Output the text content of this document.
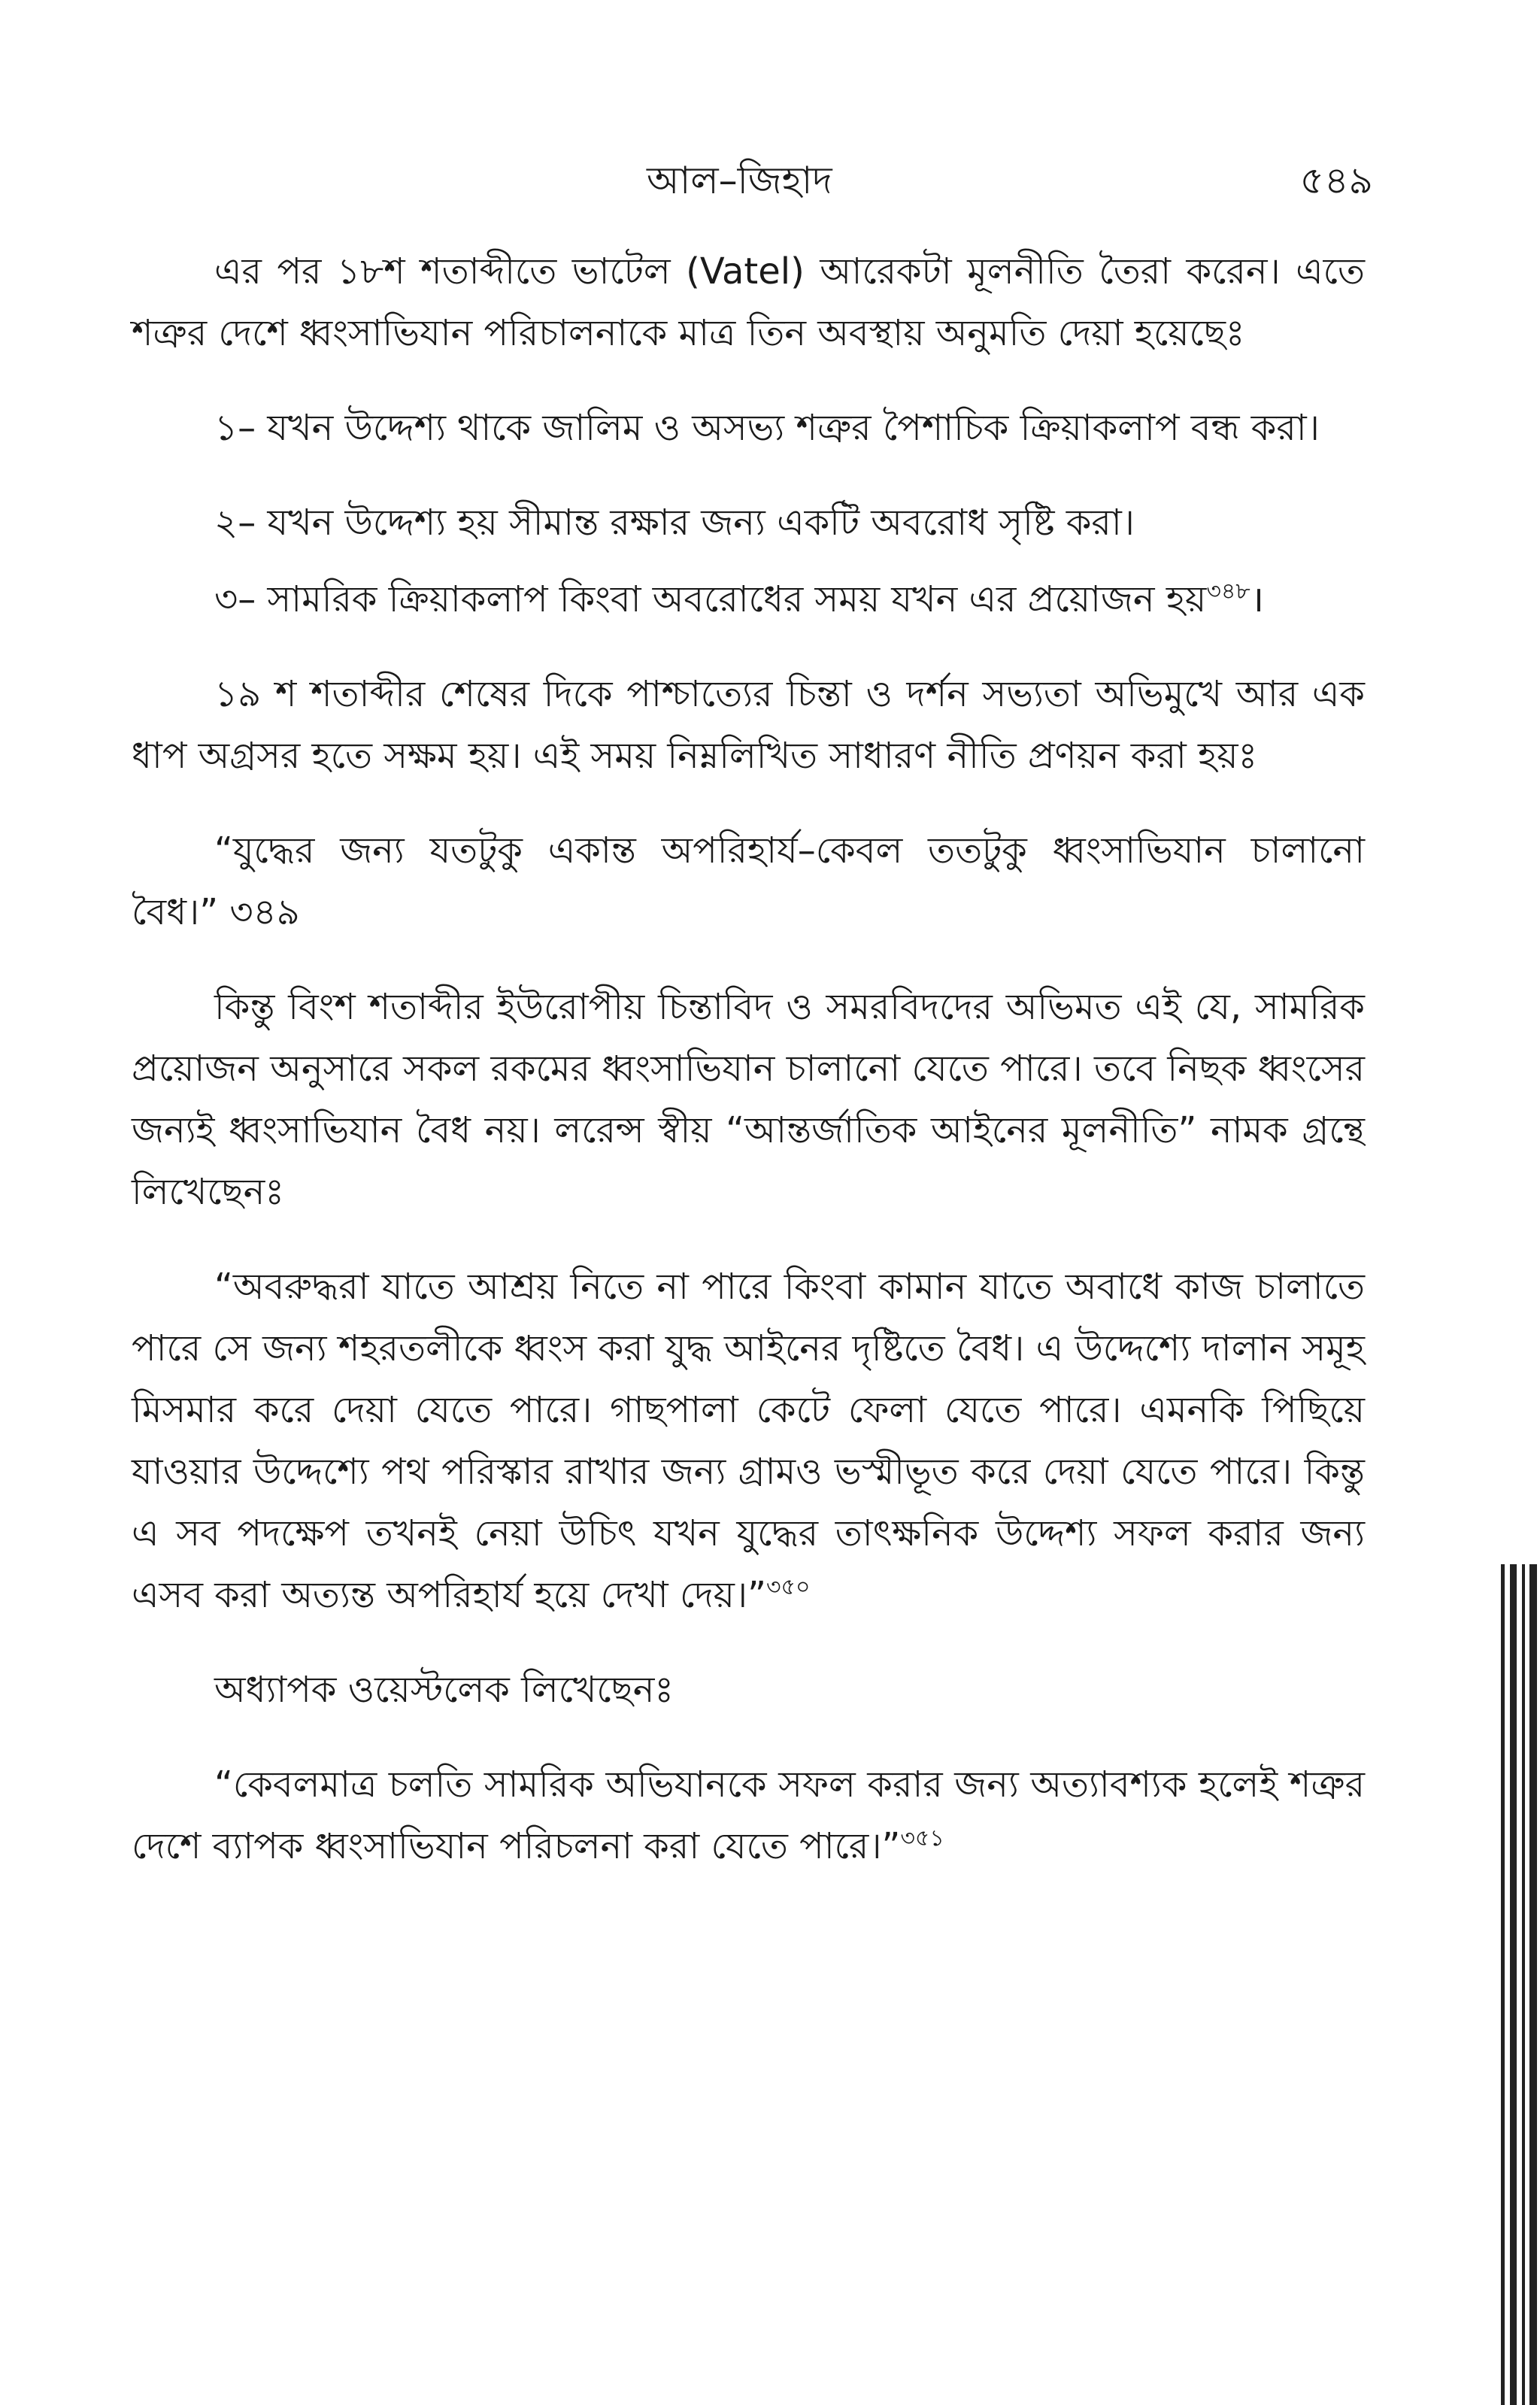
আল–জিহাদ	৫৪৯

এর পর ১৮শ শতাব্দীতে ভাটেল (Vatel) আরেকটা মূলনীতি তৈরা করেন। এতে শত্রুর দেশে ধ্বংসাভিযান পরিচালনাকে মাত্র তিন অবস্থায় অনুমতি দেয়া হয়েছেঃ

১– যখন উদ্দেশ্য থাকে জালিম ও অসভ্য শত্রুর পৈশাচিক ক্রিয়াকলাপ বন্ধ করা।

২– যখন উদ্দেশ্য হয় সীমান্ত রক্ষার জন্য একটি অবরোধ সৃষ্টি করা।

৩– সামরিক ক্রিয়াকলাপ কিংবা অবরোধের সময় যখন এর প্রয়োজন হয়$^{৩৪৮}$।

১৯ শ শতাব্দীর শেষের দিকে পাশ্চাত্যের চিন্তা ও দর্শন সভ্যতা অভিমুখে আর এক ধাপ অগ্রসর হতে সক্ষম হয়। এই সময় নিম্নলিখিত সাধারণ নীতি প্রণয়ন করা হয়ঃ

“যুদ্ধের জন্য যতটুকু একান্ত অপরিহার্য–কেবল ততটুকু ধ্বংসাভিযান চালানো বৈধ।” ৩৪৯

কিন্তু বিংশ শতাব্দীর ইউরোপীয় চিন্তাবিদ ও সমরবিদদের অভিমত এই যে, সামরিক প্রয়োজন অনুসারে সকল রকমের ধ্বংসাভিযান চালানো যেতে পারে। তবে নিছক ধ্বংসের জন্যই ধ্বংসাভিযান বৈধ নয়। লরেন্স স্বীয় “আন্তর্জাতিক আইনের মূলনীতি” নামক গ্রন্থে লিখেছেনঃ

“অবরুদ্ধরা যাতে আশ্রয় নিতে না পারে কিংবা কামান যাতে অবাধে কাজ চালাতে পারে সে জন্য শহরতলীকে ধ্বংস করা যুদ্ধ আইনের দৃষ্টিতে বৈধ। এ উদ্দেশ্যে দালান সমূহ মিসমার করে দেয়া যেতে পারে। গাছপালা কেটে ফেলা যেতে পারে। এমনকি পিছিয়ে যাওয়ার উদ্দেশ্যে পথ পরিস্কার রাখার জন্য গ্রামও ভস্মীভূত করে দেয়া যেতে পারে। কিন্তু এ সব পদক্ষেপ তখনই নেয়া উচিৎ যখন যুদ্ধের তাৎক্ষনিক উদ্দেশ্য সফল করার জন্য এসব করা অত্যন্ত অপরিহার্য হয়ে দেখা দেয়।”$^{৩৫০}$

অধ্যাপক ওয়েস্টলেক লিখেছেনঃ

“কেবলমাত্র চলতি সামরিক অভিযানকে সফল করার জন্য অত্যাবশ্যক হলেই শত্রুর দেশে ব্যাপক ধ্বংসাভিযান পরিচলনা করা যেতে পারে।”$^{৩৫১}$
